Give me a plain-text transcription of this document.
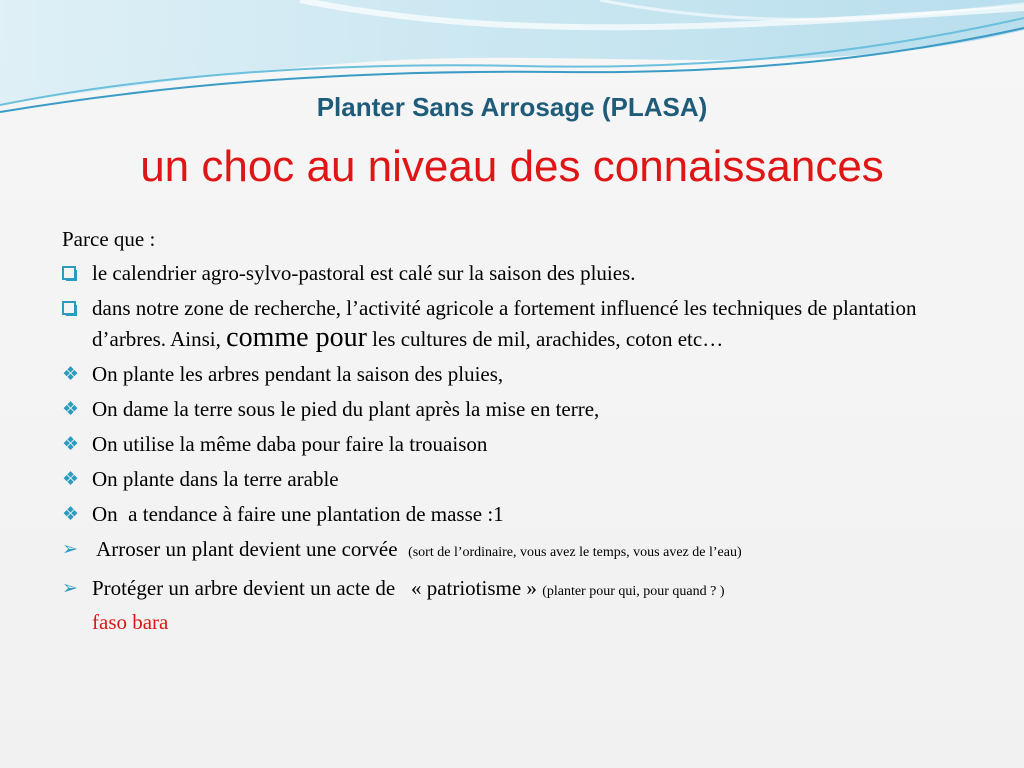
Planter Sans Arrosage (PLASA)
un choc au niveau des connaissances
Parce que :
le calendrier agro-sylvo-pastoral est calé sur la saison des pluies.
dans notre zone de recherche, l’activité agricole a fortement influencé les techniques de plantation d’arbres. Ainsi, comme pour les cultures de mil, arachides, coton etc…
❖ On plante les arbres pendant la saison des pluies,
❖ On dame la terre sous le pied du plant après la mise en terre,
❖ On utilise la même daba pour faire la trouaison
❖ On plante dans la terre arable
❖ On  a tendance à faire une plantation de masse :1
➢ Arroser un plant devient une corvée  (sort de l’ordinaire, vous avez le temps, vous avez de l’eau)
➢ Protéger un arbre devient un acte de   « patriotisme » (planter pour qui, pour quand ? )
faso bara
